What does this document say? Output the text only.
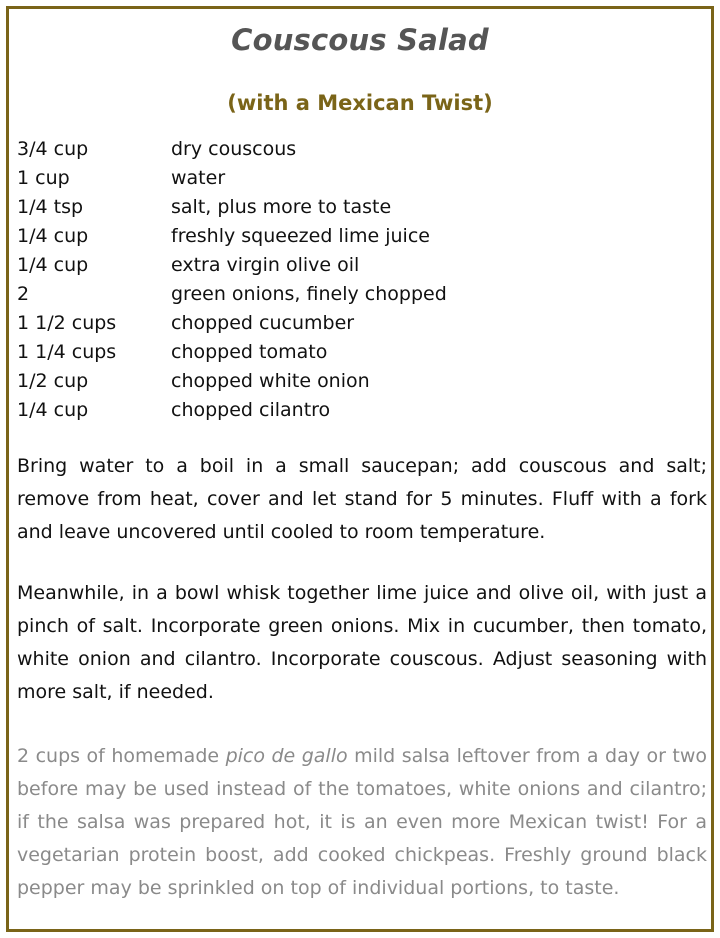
Couscous Salad
(with a Mexican Twist)
3/4 cup	dry couscous
1 cup	water
1/4 tsp	salt, plus more to taste
1/4 cup	freshly squeezed lime juice
1/4 cup	extra virgin olive oil
2	green onions, finely chopped
1 1/2 cups	chopped cucumber
1 1/4 cups	chopped tomato
1/2 cup	chopped white onion
1/4 cup	chopped cilantro
Bring water to a boil in a small saucepan; add couscous and salt; remove from heat, cover and let stand for 5 minutes. Fluff with a fork and leave uncovered until cooled to room temperature.
Meanwhile, in a bowl whisk together lime juice and olive oil, with just a pinch of salt. Incorporate green onions. Mix in cucumber, then tomato, white onion and cilantro. Incorporate couscous. Adjust seasoning with more salt, if needed.
2 cups of homemade pico de gallo mild salsa leftover from a day or two before may be used instead of the tomatoes, white onions and cilantro; if the salsa was prepared hot, it is an even more Mexican twist! For a vegetarian protein boost, add cooked chickpeas. Freshly ground black pepper may be sprinkled on top of individual portions, to taste.
